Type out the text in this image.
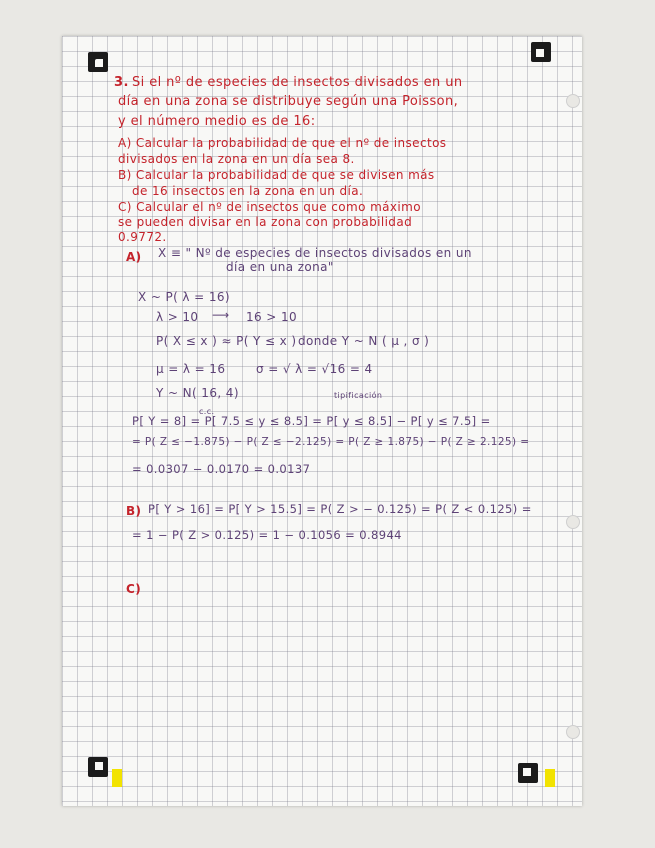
3. Si el nº de especies de insectos divisados en un
día en una zona se distribuye según una Poisson,
y el número medio es de 16:
A) Calcular la probabilidad de que el nº de insectos
divisados en la zona en un día sea 8.
B) Calcular la probabilidad de que se divisen más
de 16 insectos en la zona en un día.
C) Calcular el nº de insectos que como máximo
se pueden divisar en la zona con probabilidad
0.9772.
A) X ≡ " Nº de especies de insectos divisados en un
día en una zona"
X ~ P( λ = 16)
λ > 10 ⟶ 16 > 10
P( X ≤ x ) ≈ P( Y ≤ x ) donde Y ~ N ( μ , σ )
μ = λ = 16	σ = √ λ = √16 = 4
Y ~ N( 16, 4)
c.c.
tipificación
P[ Y = 8] = P[ 7.5 ≤ y ≤ 8.5] = P[ y ≤ 8.5] − P[ y ≤ 7.5] =
= P( Z ≤ −1.875) − P( Z ≤ −2.125) = P( Z ≥ 1.875) − P( Z ≥ 2.125) =
= 0.0307 − 0.0170 = 0.0137
B) P[ Y > 16] = P[ Y > 15.5] = P( Z > − 0.125) = P( Z < 0.125) =
= 1 − P( Z > 0.125) = 1 − 0.1056 = 0.8944
C)
